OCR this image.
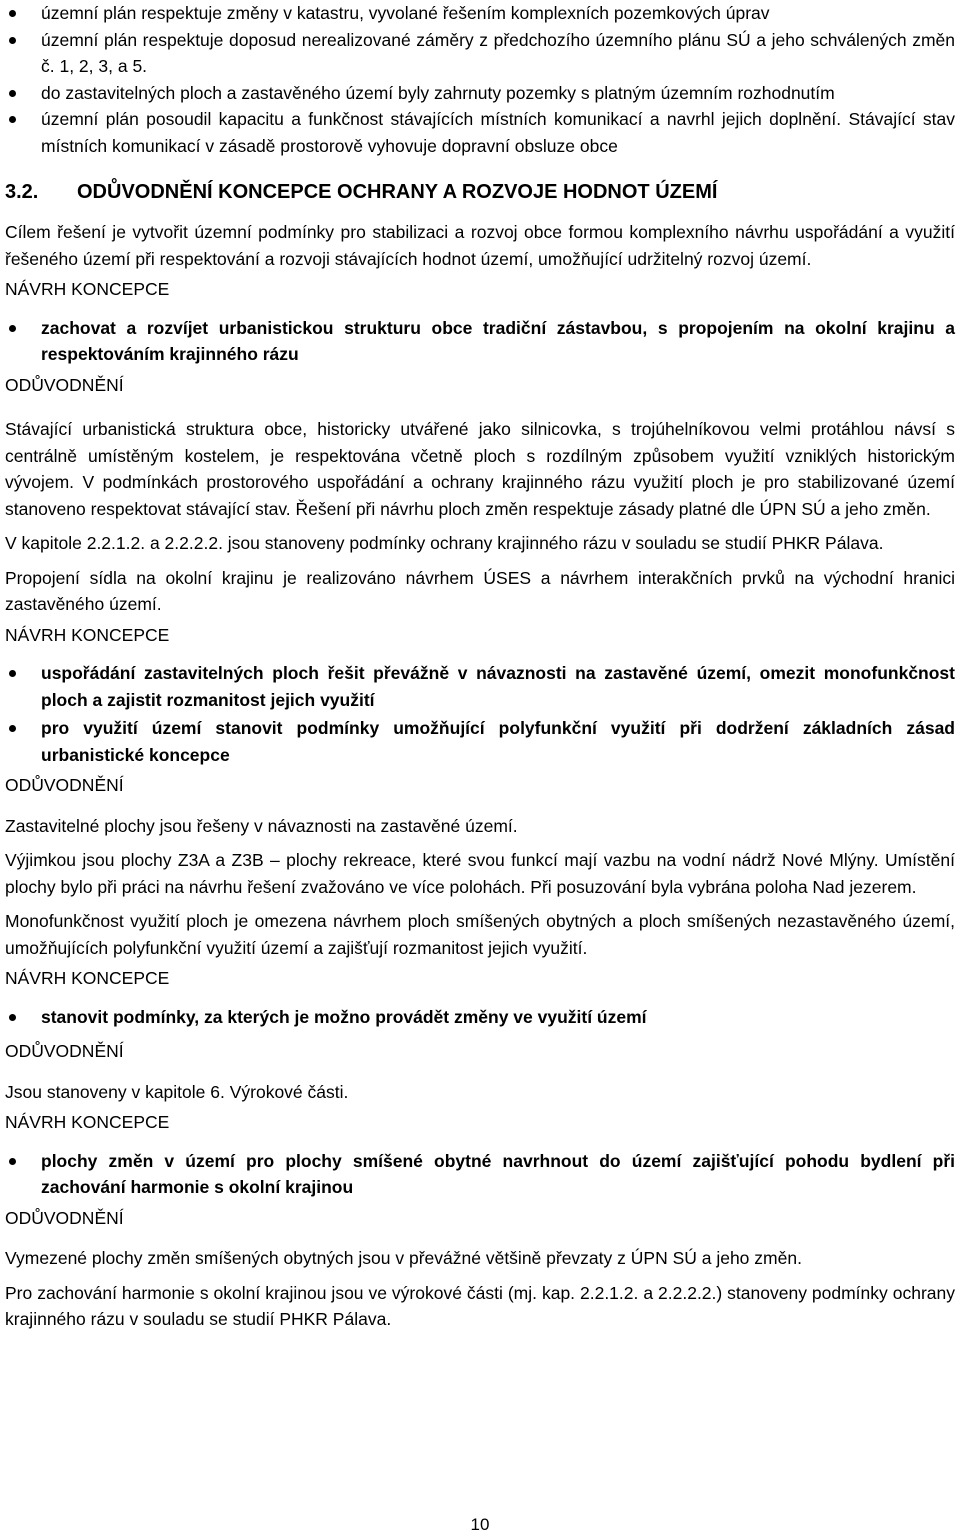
územní plán respektuje změny v katastru, vyvolané řešením komplexních pozemkových úprav

územní plán respektuje doposud nerealizované záměry z předchozího územního plánu SÚ a jeho schválených změn č. 1, 2, 3, a 5.

do zastavitelných ploch a zastavěného území byly zahrnuty pozemky s platným územním rozhodnutím

územní plán posoudil kapacitu a funkčnost stávajících místních komunikací a navrhl jejich doplnění. Stávající stav místních komunikací v zásadě prostorově vyhovuje dopravní obsluze obce

3.2. ODŮVODNĚNÍ KONCEPCE OCHRANY A ROZVOJE HODNOT ÚZEMÍ

Cílem řešení je vytvořit územní podmínky pro stabilizaci a rozvoj obce formou komplexního návrhu uspořádání a využití řešeného území při respektování a rozvoji stávajících hodnot území, umožňující udržitelný rozvoj území.

NÁVRH KONCEPCE

zachovat a rozvíjet urbanistickou strukturu obce tradiční zástavbou, s propojením na okolní krajinu a respektováním krajinného rázu

ODŮVODNĚNÍ

Stávající urbanistická struktura obce, historicky utvářené jako silnicovka, s trojúhelníkovou velmi protáhlou návsí s centrálně umístěným kostelem, je respektována včetně ploch s rozdílným způsobem využití vzniklých historickým vývojem. V podmínkách prostorového uspořádání a ochrany krajinného rázu využití ploch je pro stabilizované území stanoveno respektovat stávající stav. Řešení při návrhu ploch změn respektuje zásady platné dle ÚPN SÚ a jeho změn.

V kapitole 2.2.1.2. a 2.2.2.2. jsou stanoveny podmínky ochrany krajinného rázu v souladu se studií PHKR Pálava.

Propojení sídla na okolní krajinu je realizováno návrhem ÚSES a návrhem interakčních prvků na východní hranici zastavěného území.

NÁVRH KONCEPCE

uspořádání zastavitelných ploch řešit převážně v návaznosti na zastavěné území, omezit monofunkčnost ploch a zajistit rozmanitost jejich využití

pro využití území stanovit podmínky umožňující polyfunkční využití při dodržení základních zásad urbanistické koncepce

ODŮVODNĚNÍ

Zastavitelné plochy jsou řešeny v návaznosti na zastavěné území.

Výjimkou jsou plochy Z3A a Z3B – plochy rekreace, které svou funkcí mají vazbu na vodní nádrž Nové Mlýny. Umístění plochy bylo při práci na návrhu řešení zvažováno ve více polohách. Při posuzování byla vybrána poloha Nad jezerem.

Monofunkčnost využití ploch je omezena návrhem ploch smíšených obytných a ploch smíšených nezastavěného území, umožňujících polyfunkční využití území a zajišťují rozmanitost jejich využití.

NÁVRH KONCEPCE

stanovit podmínky, za kterých je možno provádět změny ve využití území

ODŮVODNĚNÍ

Jsou stanoveny v kapitole 6. Výrokové části.

NÁVRH KONCEPCE

plochy změn v území pro plochy smíšené obytné navrhnout do území zajišťující pohodu bydlení při zachování harmonie s okolní krajinou

ODŮVODNĚNÍ

Vymezené plochy změn smíšených obytných jsou v převážné většině převzaty z ÚPN SÚ a jeho změn.

Pro zachování harmonie s okolní krajinou jsou ve výrokové části (mj. kap. 2.2.1.2. a 2.2.2.2.) stanoveny podmínky ochrany krajinného rázu v souladu se studií PHKR Pálava.

10
